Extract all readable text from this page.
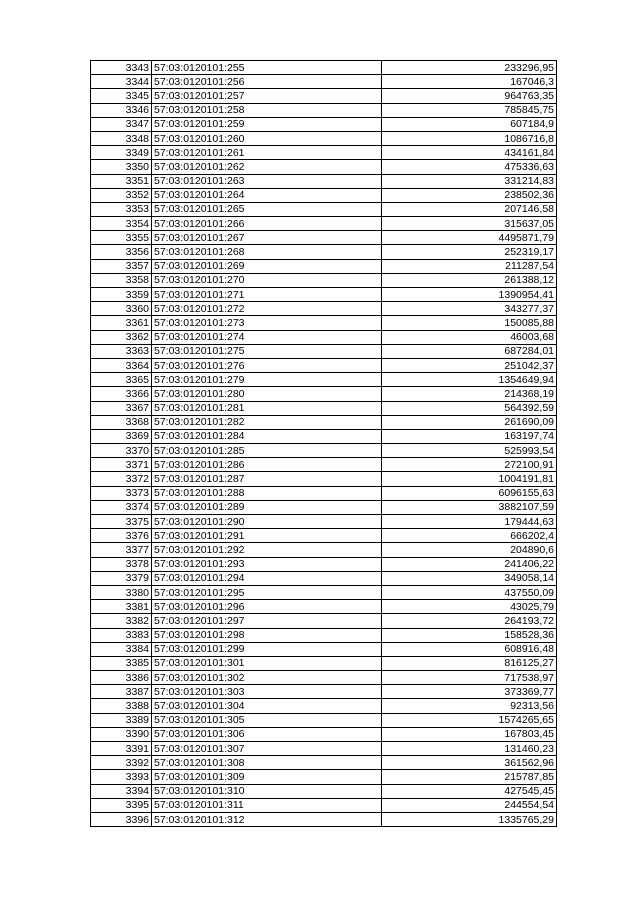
3343	57:03:0120101:255	233296,95
3344	57:03:0120101:256	167046,3
3345	57:03:0120101:257	964763,35
3346	57:03:0120101:258	785845,75
3347	57:03:0120101:259	607184,9
3348	57:03:0120101:260	1086716,8
3349	57:03:0120101:261	434161,84
3350	57:03:0120101:262	475336,63
3351	57:03:0120101:263	331214,83
3352	57:03:0120101:264	238502,36
3353	57:03:0120101:265	207146,58
3354	57:03:0120101:266	315637,05
3355	57:03:0120101:267	4495871,79
3356	57:03:0120101:268	252319,17
3357	57:03:0120101:269	211287,54
3358	57:03:0120101:270	261388,12
3359	57:03:0120101:271	1390954,41
3360	57:03:0120101:272	343277,37
3361	57:03:0120101:273	150085,88
3362	57:03:0120101:274	46003,68
3363	57:03:0120101:275	687284,01
3364	57:03:0120101:276	251042,37
3365	57:03:0120101:279	1354649,94
3366	57:03:0120101:280	214368,19
3367	57:03:0120101:281	564392,59
3368	57:03:0120101:282	261690,09
3369	57:03:0120101:284	163197,74
3370	57:03:0120101:285	525993,54
3371	57:03:0120101:286	272100,91
3372	57:03:0120101:287	1004191,81
3373	57:03:0120101:288	6096155,63
3374	57:03:0120101:289	3882107,59
3375	57:03:0120101:290	179444,63
3376	57:03:0120101:291	666202,4
3377	57:03:0120101:292	204890,6
3378	57:03:0120101:293	241406,22
3379	57:03:0120101:294	349058,14
3380	57:03:0120101:295	437550,09
3381	57:03:0120101:296	43025,79
3382	57:03:0120101:297	264193,72
3383	57:03:0120101:298	158528,36
3384	57:03:0120101:299	608916,48
3385	57:03:0120101:301	816125,27
3386	57:03:0120101:302	717538,97
3387	57:03:0120101:303	373369,77
3388	57:03:0120101:304	92313,56
3389	57:03:0120101:305	1574265,65
3390	57:03:0120101:306	167803,45
3391	57:03:0120101:307	131460,23
3392	57:03:0120101:308	361562,96
3393	57:03:0120101:309	215787,85
3394	57:03:0120101:310	427545,45
3395	57:03:0120101:311	244554,54
3396	57:03:0120101:312	1335765,29
